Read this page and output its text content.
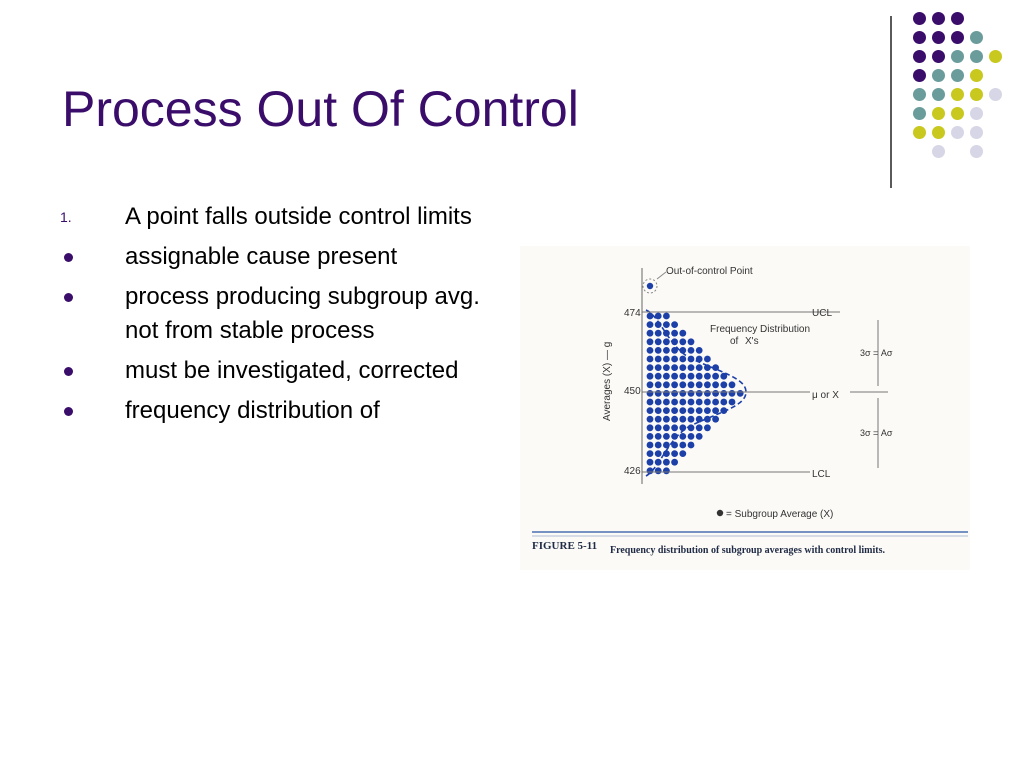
Process Out Of Control
1. A point falls outside control limits
assignable cause present
process producing subgroup avg. not from stable process
must be investigated, corrected
frequency distribution of
Out-of-control Point
Frequency Distribution
of X's
Averages (X) — g
474
450
426
UCL
LCL
μ or X
3σ = Aσ
3σ = Aσ
= Subgroup Average (X)
FIGURE 5-11 Frequency distribution of subgroup averages with control limits.
